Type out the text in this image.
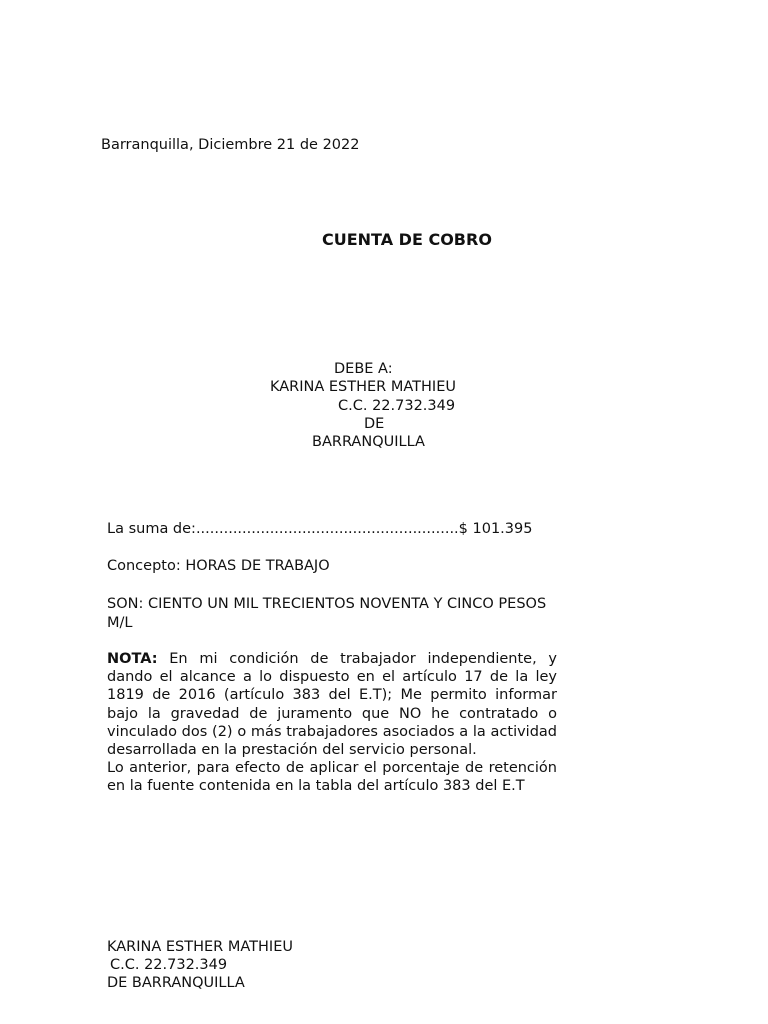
Barranquilla, Diciembre 21 de 2022
CUENTA DE COBRO
DEBE A:
KARINA ESTHER MATHIEU
C.C. 22.732.349
DE
BARRANQUILLA
La suma de:.........................................................$ 101.395
Concepto: HORAS DE TRABAJO
SON: CIENTO UN MIL TRECIENTOS NOVENTA Y CINCO PESOS M/L
NOTA: En mi condición de trabajador independiente, y dando el alcance a lo dispuesto en el artículo 17 de la ley 1819 de 2016 (artículo 383 del E.T); Me permito informar bajo la gravedad de juramento que NO he contratado o vinculado dos (2) o más trabajadores asociados a la actividad desarrollada en la prestación del servicio personal.
Lo anterior, para efecto de aplicar el porcentaje de retención en la fuente contenida en la tabla del artículo 383 del E.T
KARINA ESTHER MATHIEU
C.C. 22.732.349
DE BARRANQUILLA
